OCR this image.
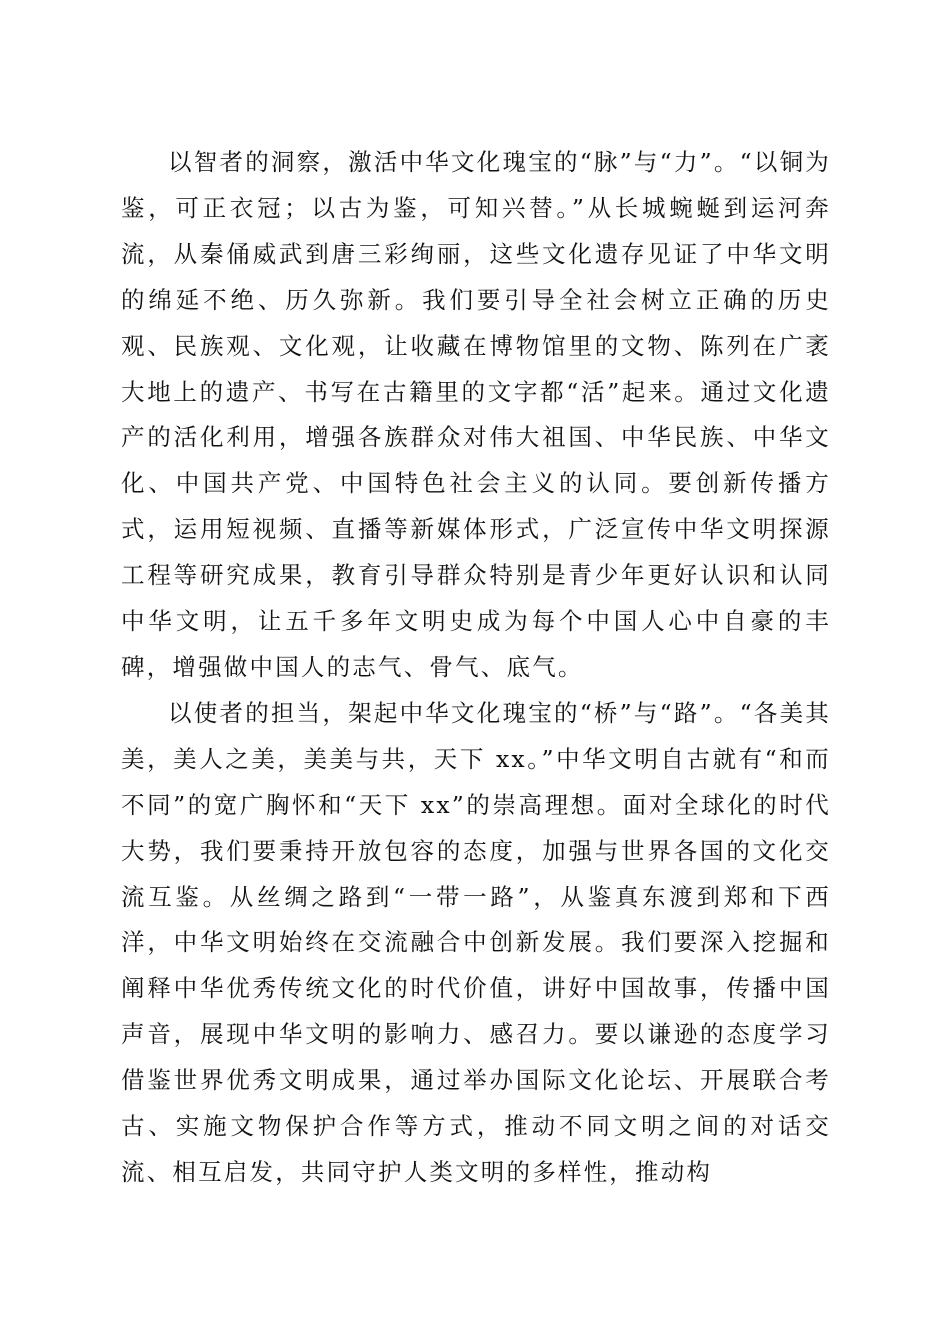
以智者的洞察，激活中华文化瑰宝的“脉”与“力”。“以铜为鉴，可正衣冠；以古为鉴，可知兴替。”从长城蜿蜒到运河奔流，从秦俑威武到唐三彩绚丽，这些文化遗存见证了中华文明的绵延不绝、历久弥新。我们要引导全社会树立正确的历史观、民族观、文化观，让收藏在博物馆里的文物、陈列在广袤大地上的遗产、书写在古籍里的文字都“活”起来。通过文化遗产的活化利用，增强各族群众对伟大祖国、中华民族、中华文化、中国共产党、中国特色社会主义的认同。要创新传播方式，运用短视频、直播等新媒体形式，广泛宣传中华文明探源工程等研究成果，教育引导群众特别是青少年更好认识和认同中华文明，让五千多年文明史成为每个中国人心中自豪的丰碑，增强做中国人的志气、骨气、底气。

以使者的担当，架起中华文化瑰宝的“桥”与“路”。“各美其美，美人之美，美美与共，天下 xx。”中华文明自古就有“和而不同”的宽广胸怀和“天下 xx”的崇高理想。面对全球化的时代大势，我们要秉持开放包容的态度，加强与世界各国的文化交流互鉴。从丝绸之路到“一带一路”，从鉴真东渡到郑和下西洋，中华文明始终在交流融合中创新发展。我们要深入挖掘和阐释中华优秀传统文化的时代价值，讲好中国故事，传播中国声音，展现中华文明的影响力、感召力。要以谦逊的态度学习借鉴世界优秀文明成果，通过举办国际文化论坛、开展联合考古、实施文物保护合作等方式，推动不同文明之间的对话交流、相互启发，共同守护人类文明的多样性，推动构
